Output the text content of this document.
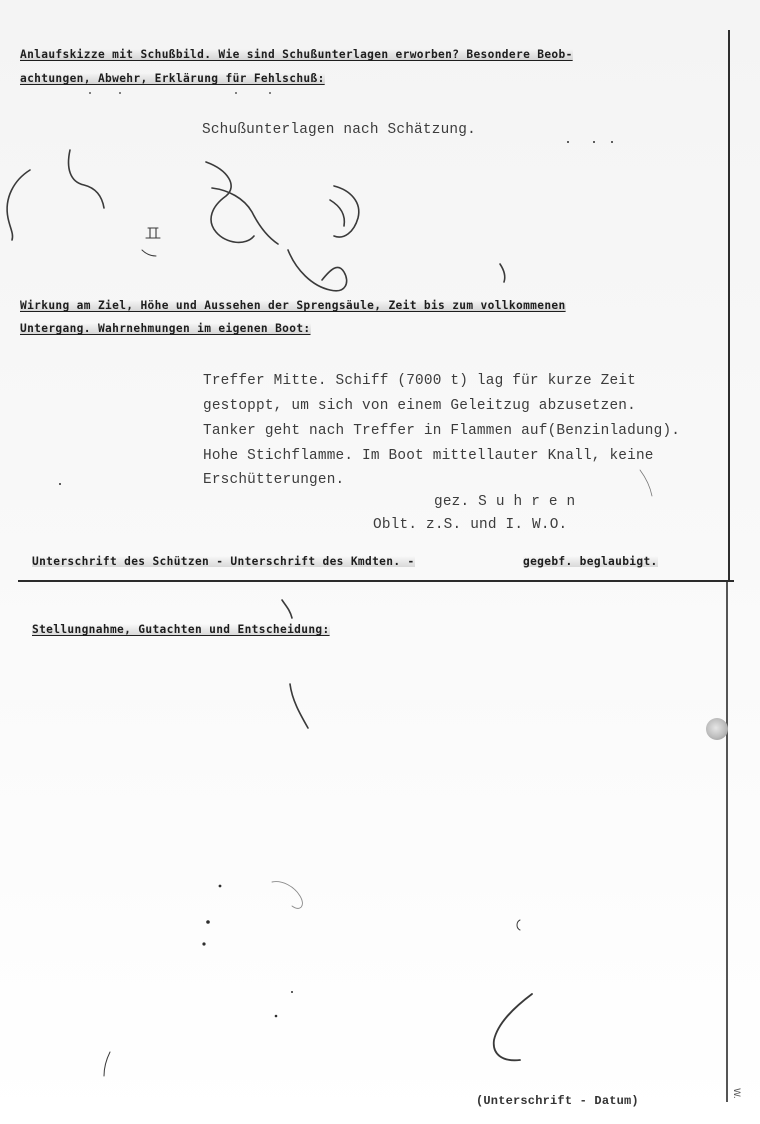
Anlaufskizze mit Schußbild. Wie sind Schußunterlagen erworben? Besondere Beob-
achtungen, Abwehr, Erklärung für Fehlschuß:
Schußunterlagen nach Schätzung.
Wirkung am Ziel, Höhe und Aussehen der Sprengsäule, Zeit bis zum vollkommenen
Untergang. Wahrnehmungen im eigenen Boot:
Treffer Mitte. Schiff (7000 t) lag für kurze Zeit
gestoppt, um sich von einem Geleitzug abzusetzen.
Tanker geht nach Treffer in Flammen auf(Benzinladung).
Hohe Stichflamme. Im Boot mittellauter Knall, keine
Erschütterungen.
gez. S u h r e n
Oblt. z.S. und I. W.O.
Unterschrift des Schützen - Unterschrift des Kmdten. -	gegebf. beglaubigt.
Stellungnahme, Gutachten und Entscheidung:
(Unterschrift - Datum)
W.
